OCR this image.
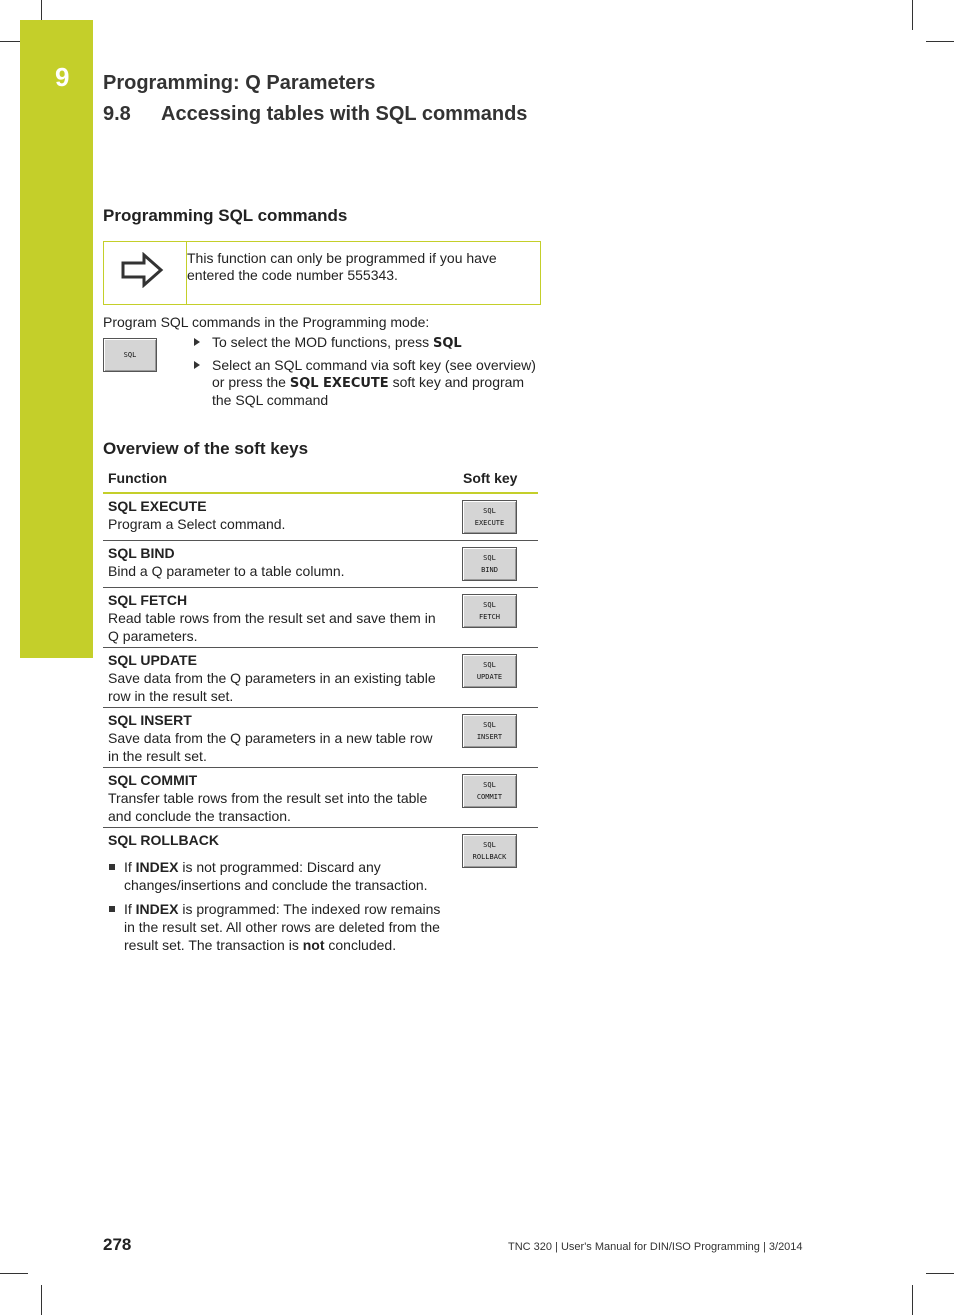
9 Programming: Q Parameters
9.8 Accessing tables with SQL commands
Programming SQL commands
This function can only be programmed if you have entered the code number 555343.
Program SQL commands in the Programming mode:
SQL
To select the MOD functions, press SQL
Select an SQL command via soft key (see overview) or press the SQL EXECUTE soft key and program the SQL command
Overview of the soft keys
Function	Soft key
SQL EXECUTE
Program a Select command.
SQL
EXECUTE
SQL BIND
Bind a Q parameter to a table column.
SQL
BIND
SQL FETCH
Read table rows from the result set and save them in Q parameters.
SQL
FETCH
SQL UPDATE
Save data from the Q parameters in an existing table row in the result set.
SQL
UPDATE
SQL INSERT
Save data from the Q parameters in a new table row in the result set.
SQL
INSERT
SQL COMMIT
Transfer table rows from the result set into the table and conclude the transaction.
SQL
COMMIT
SQL ROLLBACK
If INDEX is not programmed: Discard any changes/insertions and conclude the transaction.
If INDEX is programmed: The indexed row remains in the result set. All other rows are deleted from the result set. The transaction is not concluded.
SQL
ROLLBACK
278	TNC 320 | User's Manual for DIN/ISO Programming | 3/2014
